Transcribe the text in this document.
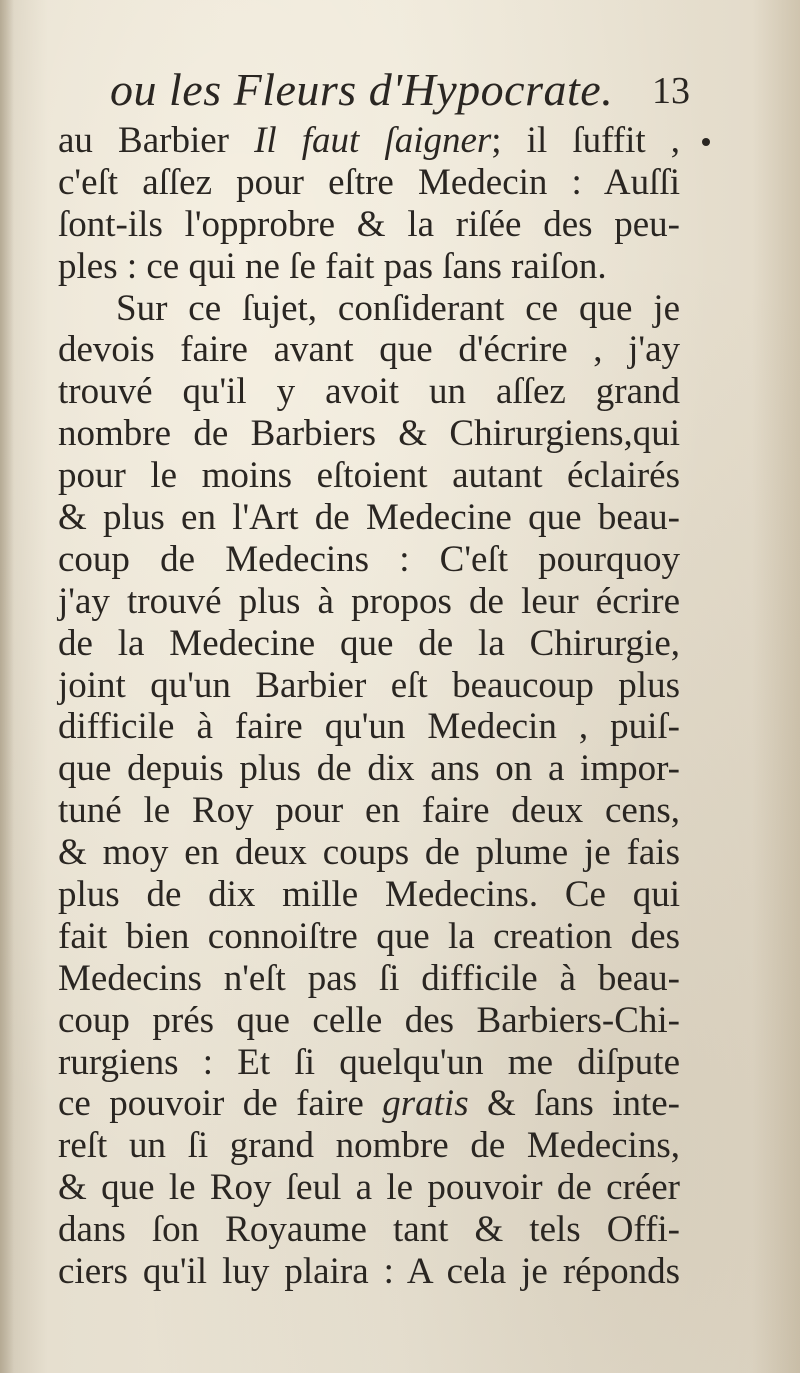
ou les Fleurs d'Hypocrate.	13
au Barbier Il faut ſaigner; il ſuffit ,
c'eſt aſſez pour eſtre Medecin : Auſſi
ſont-ils l'opprobre & la riſée des peu-
ples : ce qui ne ſe fait pas ſans raiſon.
Sur ce ſujet, conſiderant ce que je
devois faire avant que d'écrire , j'ay
trouvé qu'il y avoit un aſſez grand
nombre de Barbiers & Chirurgiens,qui
pour le moins eſtoient autant éclairés
& plus en l'Art de Medecine que beau-
coup de Medecins : C'eſt pourquoy
j'ay trouvé plus à propos de leur écrire
de la Medecine que de la Chirurgie,
joint qu'un Barbier eſt beaucoup plus
difficile à faire qu'un Medecin , puiſ-
que depuis plus de dix ans on a impor-
tuné le Roy pour en faire deux cens,
& moy en deux coups de plume je fais
plus de dix mille Medecins. Ce qui
fait bien connoiſtre que la creation des
Medecins n'eſt pas ſi difficile à beau-
coup prés que celle des Barbiers-Chi-
rurgiens : Et ſi quelqu'un me diſpute
ce pouvoir de faire gratis & ſans inte-
reſt un ſi grand nombre de Medecins,
& que le Roy ſeul a le pouvoir de créer
dans ſon Royaume tant & tels Offi-
ciers qu'il luy plaira : A cela je réponds
